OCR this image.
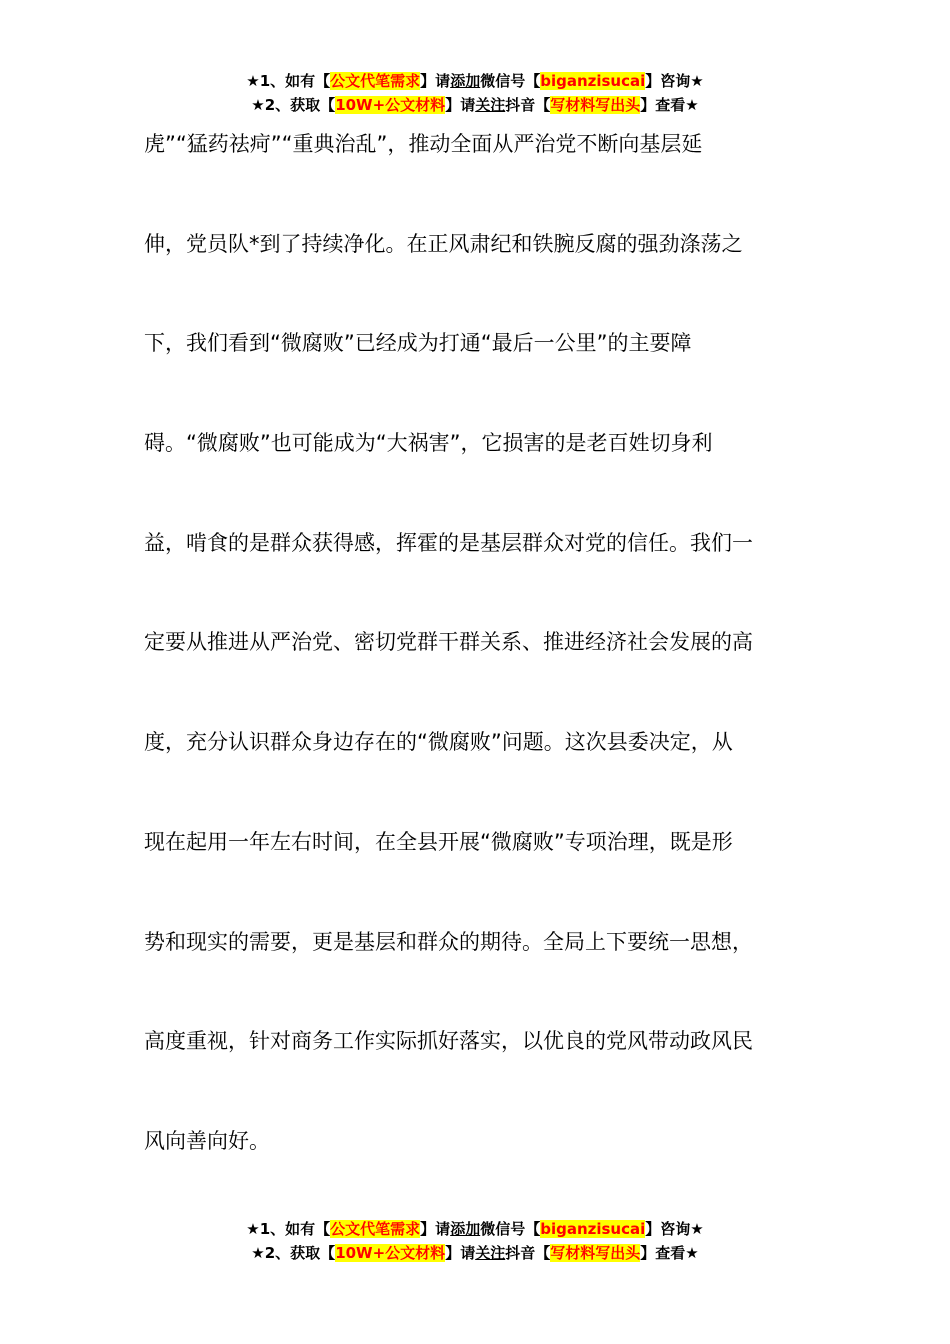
★1、如有【公文代笔需求】请添加微信号【biganzisucai】咨询★
★2、获取【10W+公文材料】请关注抖音【写材料写出头】查看★
虎”“猛药祛疴”“重典治乱”，推动全面从严治党不断向基层延
伸，党员队*到了持续净化。在正风肃纪和铁腕反腐的强劲涤荡之
下，我们看到“微腐败”已经成为打通“最后一公里”的主要障
碍。“微腐败”也可能成为“大祸害”，它损害的是老百姓切身利
益，啃食的是群众获得感，挥霍的是基层群众对党的信任。我们一
定要从推进从严治党、密切党群干群关系、推进经济社会发展的高
度，充分认识群众身边存在的“微腐败”问题。这次县委决定，从
现在起用一年左右时间，在全县开展“微腐败”专项治理，既是形
势和现实的需要，更是基层和群众的期待。全局上下要统一思想，
高度重视，针对商务工作实际抓好落实，以优良的党风带动政风民
风向善向好。
★1、如有【公文代笔需求】请添加微信号【biganzisucai】咨询★
★2、获取【10W+公文材料】请关注抖音【写材料写出头】查看★
